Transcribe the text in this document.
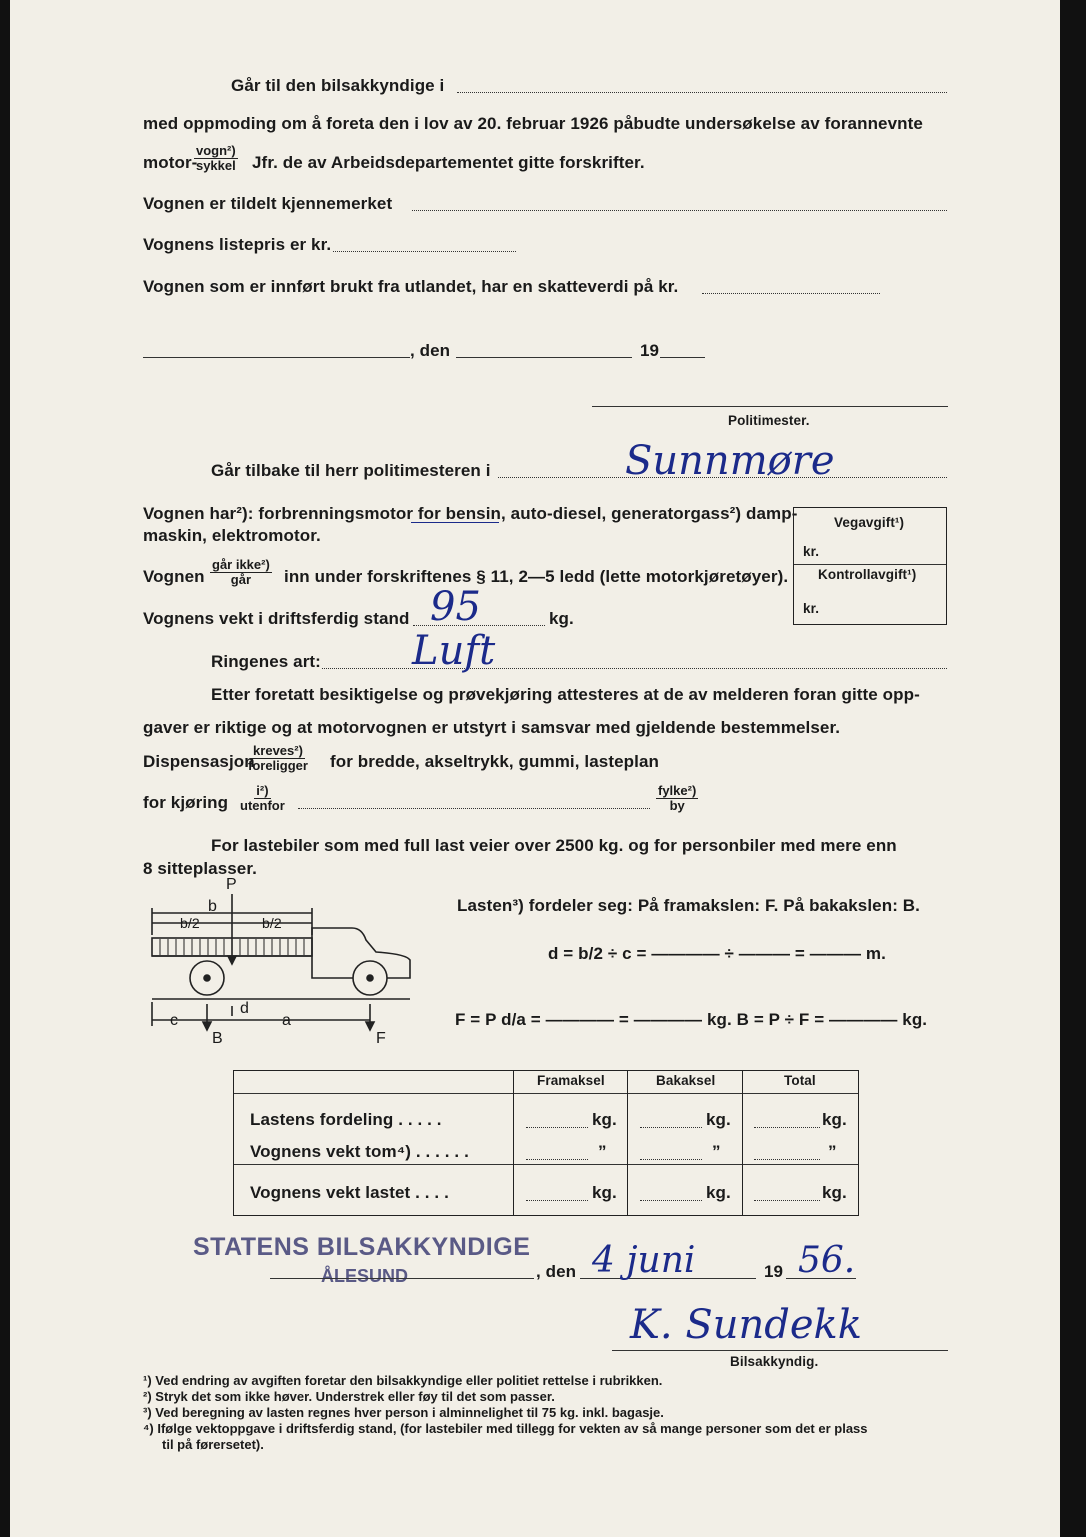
Går til den bilsakkyndige i
med oppmoding om å foreta den i lov av 20. februar 1926 påbudte undersøkelse av forannevnte
motor-
vogn²)
sykkel Jfr. de av Arbeidsdepartementet gitte forskrifter.
Vognen er tildelt kjennemerket
Vognens listepris er kr.
Vognen som er innført brukt fra utlandet, har en skatteverdi på kr.
, den	19
Politimester.
Går tilbake til herr politimesteren i	Sunnmøre
Vognen har²): forbrenningsmotor for bensin, auto-diesel, generatorgass²) damp-
maskin, elektromotor.
Vognen
går ikke²)
går inn under forskriftenes § 11, 2—5 ledd (lette motorkjøretøyer).
Vognens vekt i driftsferdig stand 95	kg.
Ringenes art: Luft
Vegavgift¹)
kr.
Kontrollavgift¹)
kr.
Etter foretatt besiktigelse og prøvekjøring attesteres at de av melderen foran gitte opp-
gaver er riktige og at motorvognen er utstyrt i samsvar med gjeldende bestemmelser.
Dispensasjon
kreves²)
foreligger for bredde, akseltrykk, gummi, lasteplan
for kjøring
i²)
utenfor
fylke²)
by
For lastebiler som med full last veier over 2500 kg. og for personbiler med mere enn
8 sitteplasser.
P
b
b/2	b/2
c
d
a
B	F
Lasten³) fordeler seg: På framakslen: F. På bakakslen: B.
d = b/2 ÷ c = ———— ÷ ——— = ——— m.
F = P d/a = ———— = ———— kg. B = P ÷ F = ———— kg.
Framaksel	Bakaksel	Total
Lastens fordeling . . . . .	kg.	kg.	kg.
Vognens vekt tom⁴) . . . . . .	”	”	”
Vognens vekt lastet . . . .	kg.	kg.	kg.
STATENS BILSAKKYNDIGE
ÅLESUND	, den 4 juni	19 56.
K. Sundekk
Bilsakkyndig.
¹) Ved endring av avgiften foretar den bilsakkyndige eller politiet rettelse i rubrikken.
²) Stryk det som ikke høver. Understrek eller føy til det som passer.
³) Ved beregning av lasten regnes hver person i alminnelighet til 75 kg. inkl. bagasje.
⁴) Ifølge vektoppgave i driftsferdig stand, (for lastebiler med tillegg for vekten av så mange personer som det er plass
til på førersetet).
